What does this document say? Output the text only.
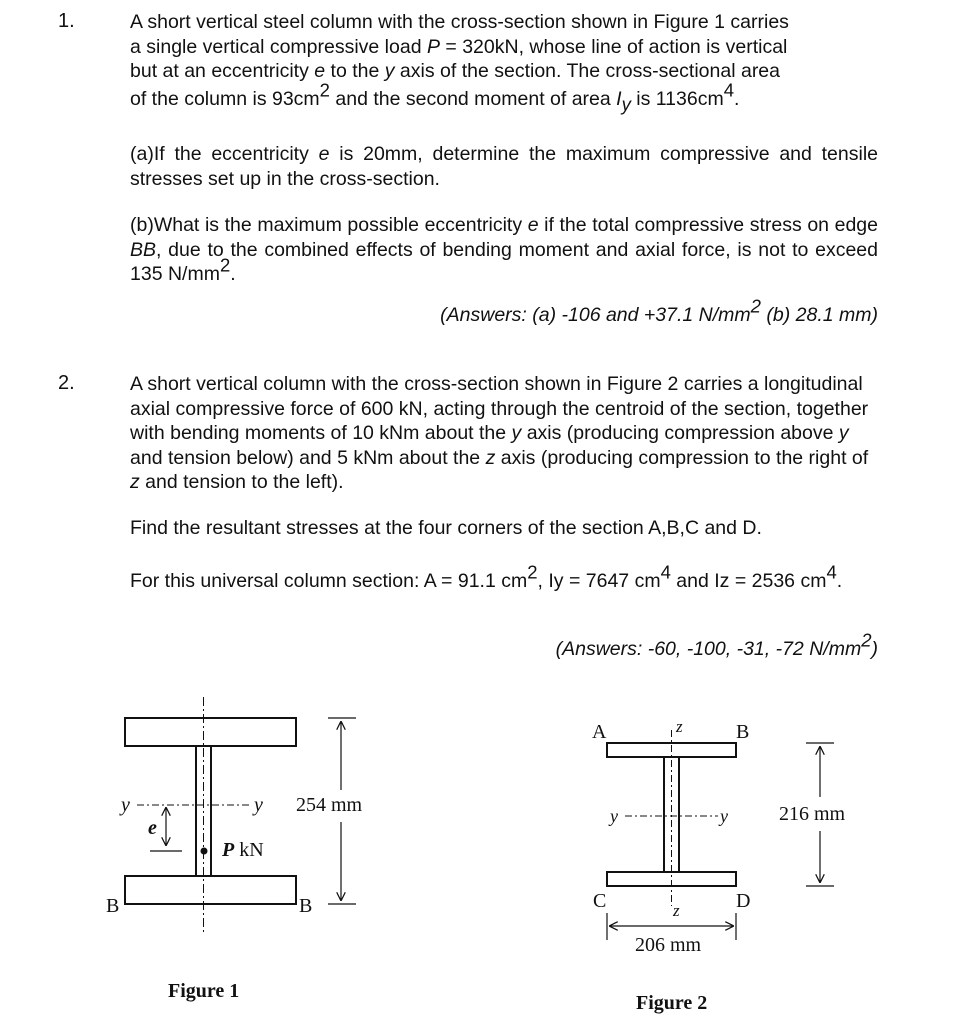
1.	A short vertical steel column with the cross-section shown in Figure 1 carries
a single vertical compressive load P = 320kN, whose line of action is vertical
but at an eccentricity e to the y axis of the section. The cross-sectional area
of the column is $93cm^2$ and the second moment of area $I_y$ is $1136cm^4$.
(a)If the eccentricity e is 20mm, determine the maximum compressive and tensile stresses set up in the cross-section.
(b)What is the maximum possible eccentricity e if the total compressive stress on edge BB, due to the combined effects of bending moment and axial force, is not to exceed 135 $N/mm^2$.
(Answers: (a) -106 and +37.1 $N/mm^2$ (b) 28.1 mm)
2.	A short vertical column with the cross-section shown in Figure 2 carries a longitudinal axial compressive force of 600 kN, acting through the centroid of the section, together with bending moments of 10 kNm about the y axis (producing compression above y and tension below) and 5 kNm about the z axis (producing compression to the right of z and tension to the left).
Find the resultant stresses at the four corners of the section A,B,C and D.
For this universal column section: A = 91.1 $cm^2$, Iy = 7647 $cm^4$ and Iz = 2536 $cm^4$.
(Answers: -60, -100, -31, -72 $N/mm^2$)
y	y
e
P kN
254 mm
B	B
Figure 1
A	B
C	D
z
z
y	y	216 mm
206 mm
Figure 2
